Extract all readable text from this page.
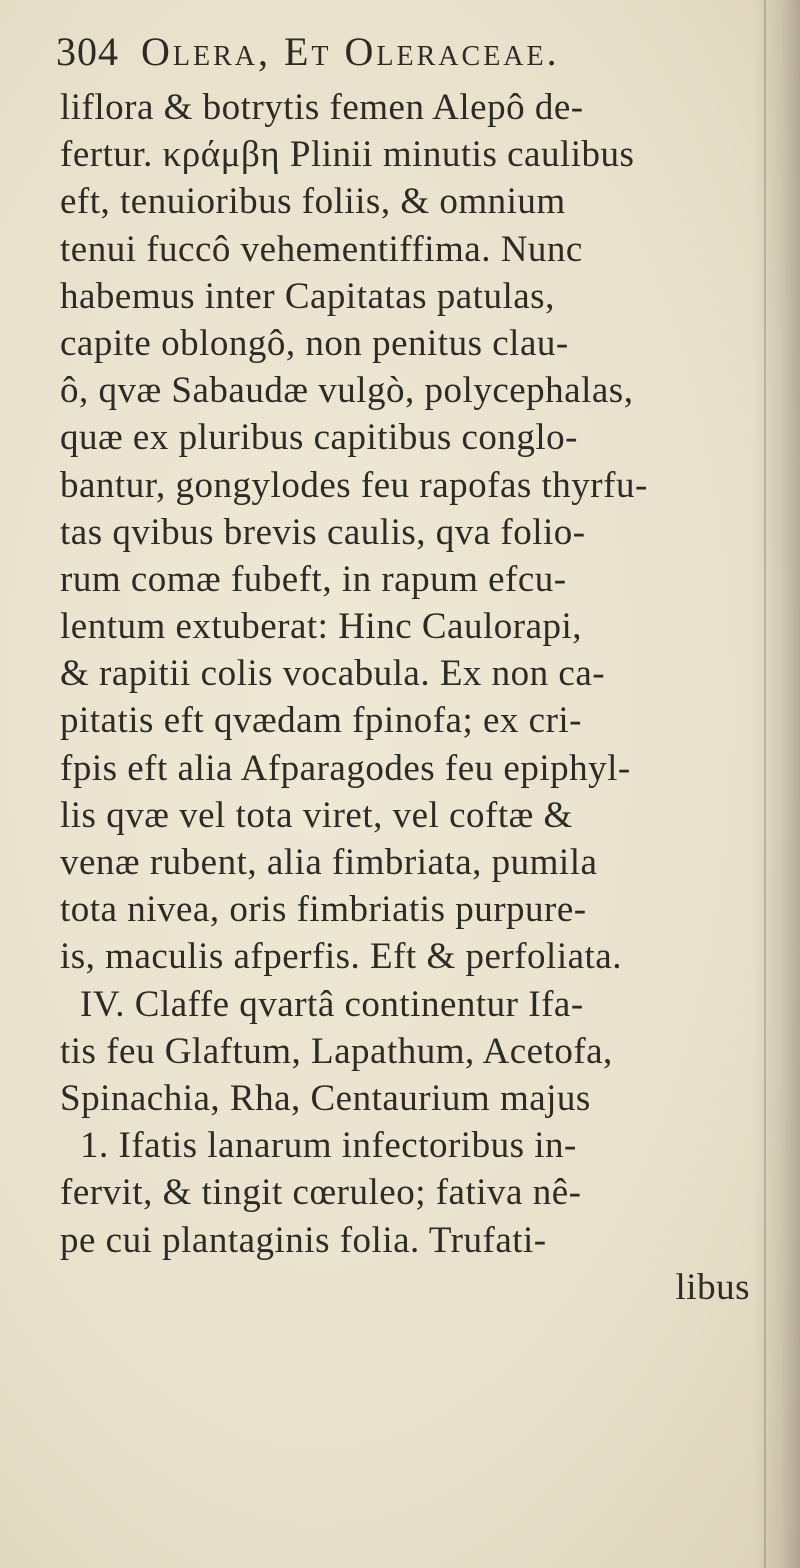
304 Olera, Et Oleraceae.
liflora & botrytis femen Alepô de-
fertur. κράμβη Plinii minutis caulibus
eft, tenuioribus foliis, & omnium
tenui fuccô vehementiffima. Nunc
habemus inter Capitatas patulas,
capite oblongô, non penitus clau-
ô, qvæ Sabaudæ vulgò, polycephalas,
quæ ex pluribus capitibus conglo-
bantur, gongylodes feu rapofas thyrfu-
tas qvibus brevis caulis, qva folio-
rum comæ fubeft, in rapum efcu-
lentum extuberat: Hinc Caulorapi,
& rapitii colis vocabula. Ex non ca-
pitatis eft qvædam fpinofa; ex cri-
fpis eft alia Afparagodes feu epiphyl-
lis qvæ vel tota viret, vel coftæ &
venæ rubent, alia fimbriata, pumila
tota nivea, oris fimbriatis purpure-
is, maculis afperfis. Eft & perfoliata.
IV. Claffe qvartâ continentur Ifa-
tis feu Glaftum, Lapathum, Acetofa,
Spinachia, Rha, Centaurium majus
1. Ifatis lanarum infectoribus in-
fervit, & tingit cœruleo; fativa nê-
pe cui plantaginis folia. Trufati-
libus
